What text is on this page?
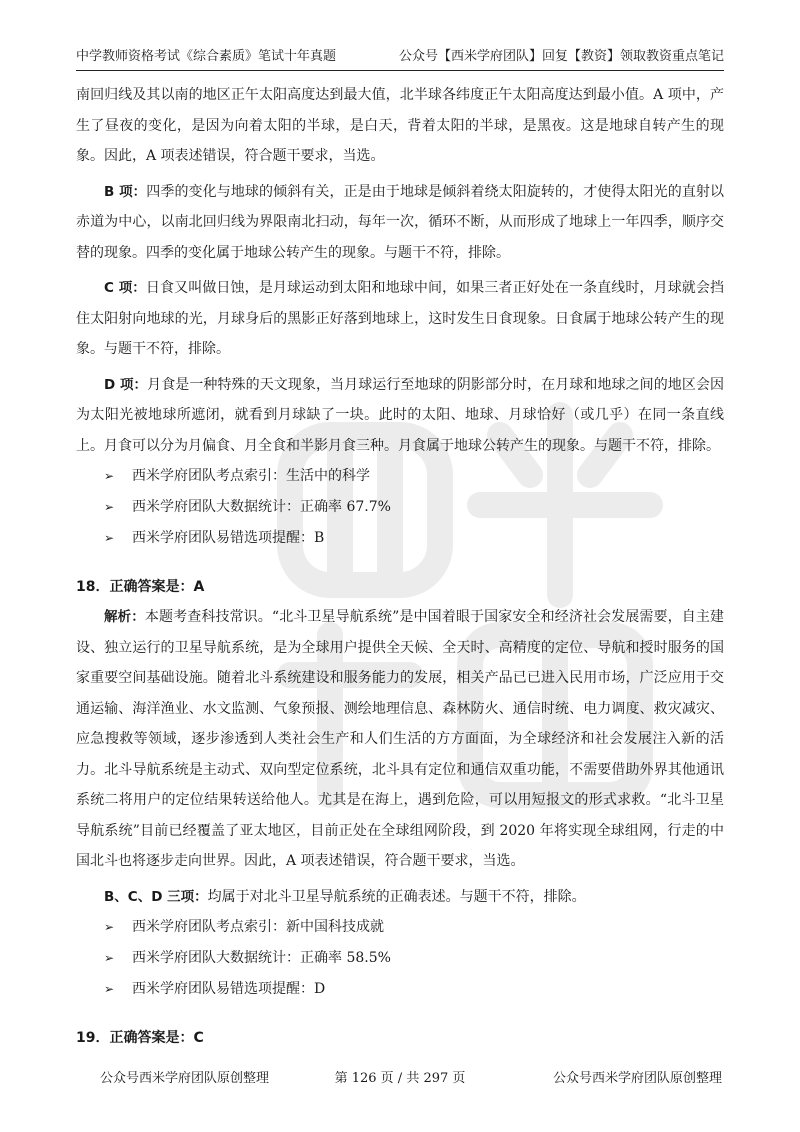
中学教师资格考试《综合素质》笔试十年真题	公众号【西米学府团队】回复【教资】领取教资重点笔记

南回归线及其以南的地区正午太阳高度达到最大值，北半球各纬度正午太阳高度达到最小值。A 项中，产生了昼夜的变化，是因为向着太阳的半球，是白天，背着太阳的半球，是黑夜。这是地球自转产生的现象。因此，A 项表述错误，符合题干要求，当选。

B 项：四季的变化与地球的倾斜有关，正是由于地球是倾斜着绕太阳旋转的，才使得太阳光的直射以赤道为中心，以南北回归线为界限南北扫动，每年一次，循环不断，从而形成了地球上一年四季，顺序交替的现象。四季的变化属于地球公转产生的现象。与题干不符，排除。

C 项：日食又叫做日蚀，是月球运动到太阳和地球中间，如果三者正好处在一条直线时，月球就会挡住太阳射向地球的光，月球身后的黑影正好落到地球上，这时发生日食现象。日食属于地球公转产生的现象。与题干不符，排除。

D 项：月食是一种特殊的天文现象，当月球运行至地球的阴影部分时，在月球和地球之间的地区会因为太阳光被地球所遮闭，就看到月球缺了一块。此时的太阳、地球、月球恰好（或几乎）在同一条直线上。月食可以分为月偏食、月全食和半影月食三种。月食属于地球公转产生的现象。与题干不符，排除。

➢ 西米学府团队考点索引：生活中的科学
➢ 西米学府团队大数据统计：正确率 67.7%
➢ 西米学府团队易错选项提醒：B

18．正确答案是：A

解析：本题考查科技常识。“北斗卫星导航系统”是中国着眼于国家安全和经济社会发展需要，自主建设、独立运行的卫星导航系统，是为全球用户提供全天候、全天时、高精度的定位、导航和授时服务的国家重要空间基础设施。随着北斗系统建设和服务能力的发展，相关产品已已进入民用市场，广泛应用于交通运输、海洋渔业、水文监测、气象预报、测绘地理信息、森林防火、通信时统、电力调度、救灾减灾、应急搜救等领域，逐步渗透到人类社会生产和人们生活的方方面面，为全球经济和社会发展注入新的活力。北斗导航系统是主动式、双向型定位系统，北斗具有定位和通信双重功能，不需要借助外界其他通讯系统二将用户的定位结果转送给他人。尤其是在海上，遇到危险，可以用短报文的形式求救。“北斗卫星导航系统”目前已经覆盖了亚太地区，目前正处在全球组网阶段，到 2020 年将实现全球组网，行走的中国北斗也将逐步走向世界。因此，A 项表述错误，符合题干要求，当选。

B、C、D 三项：均属于对北斗卫星导航系统的正确表述。与题干不符，排除。

➢ 西米学府团队考点索引：新中国科技成就
➢ 西米学府团队大数据统计：正确率 58.5%
➢ 西米学府团队易错选项提醒：D

19．正确答案是：C

公众号西米学府团队原创整理	第 126 页 / 共 297 页	公众号西米学府团队原创整理
